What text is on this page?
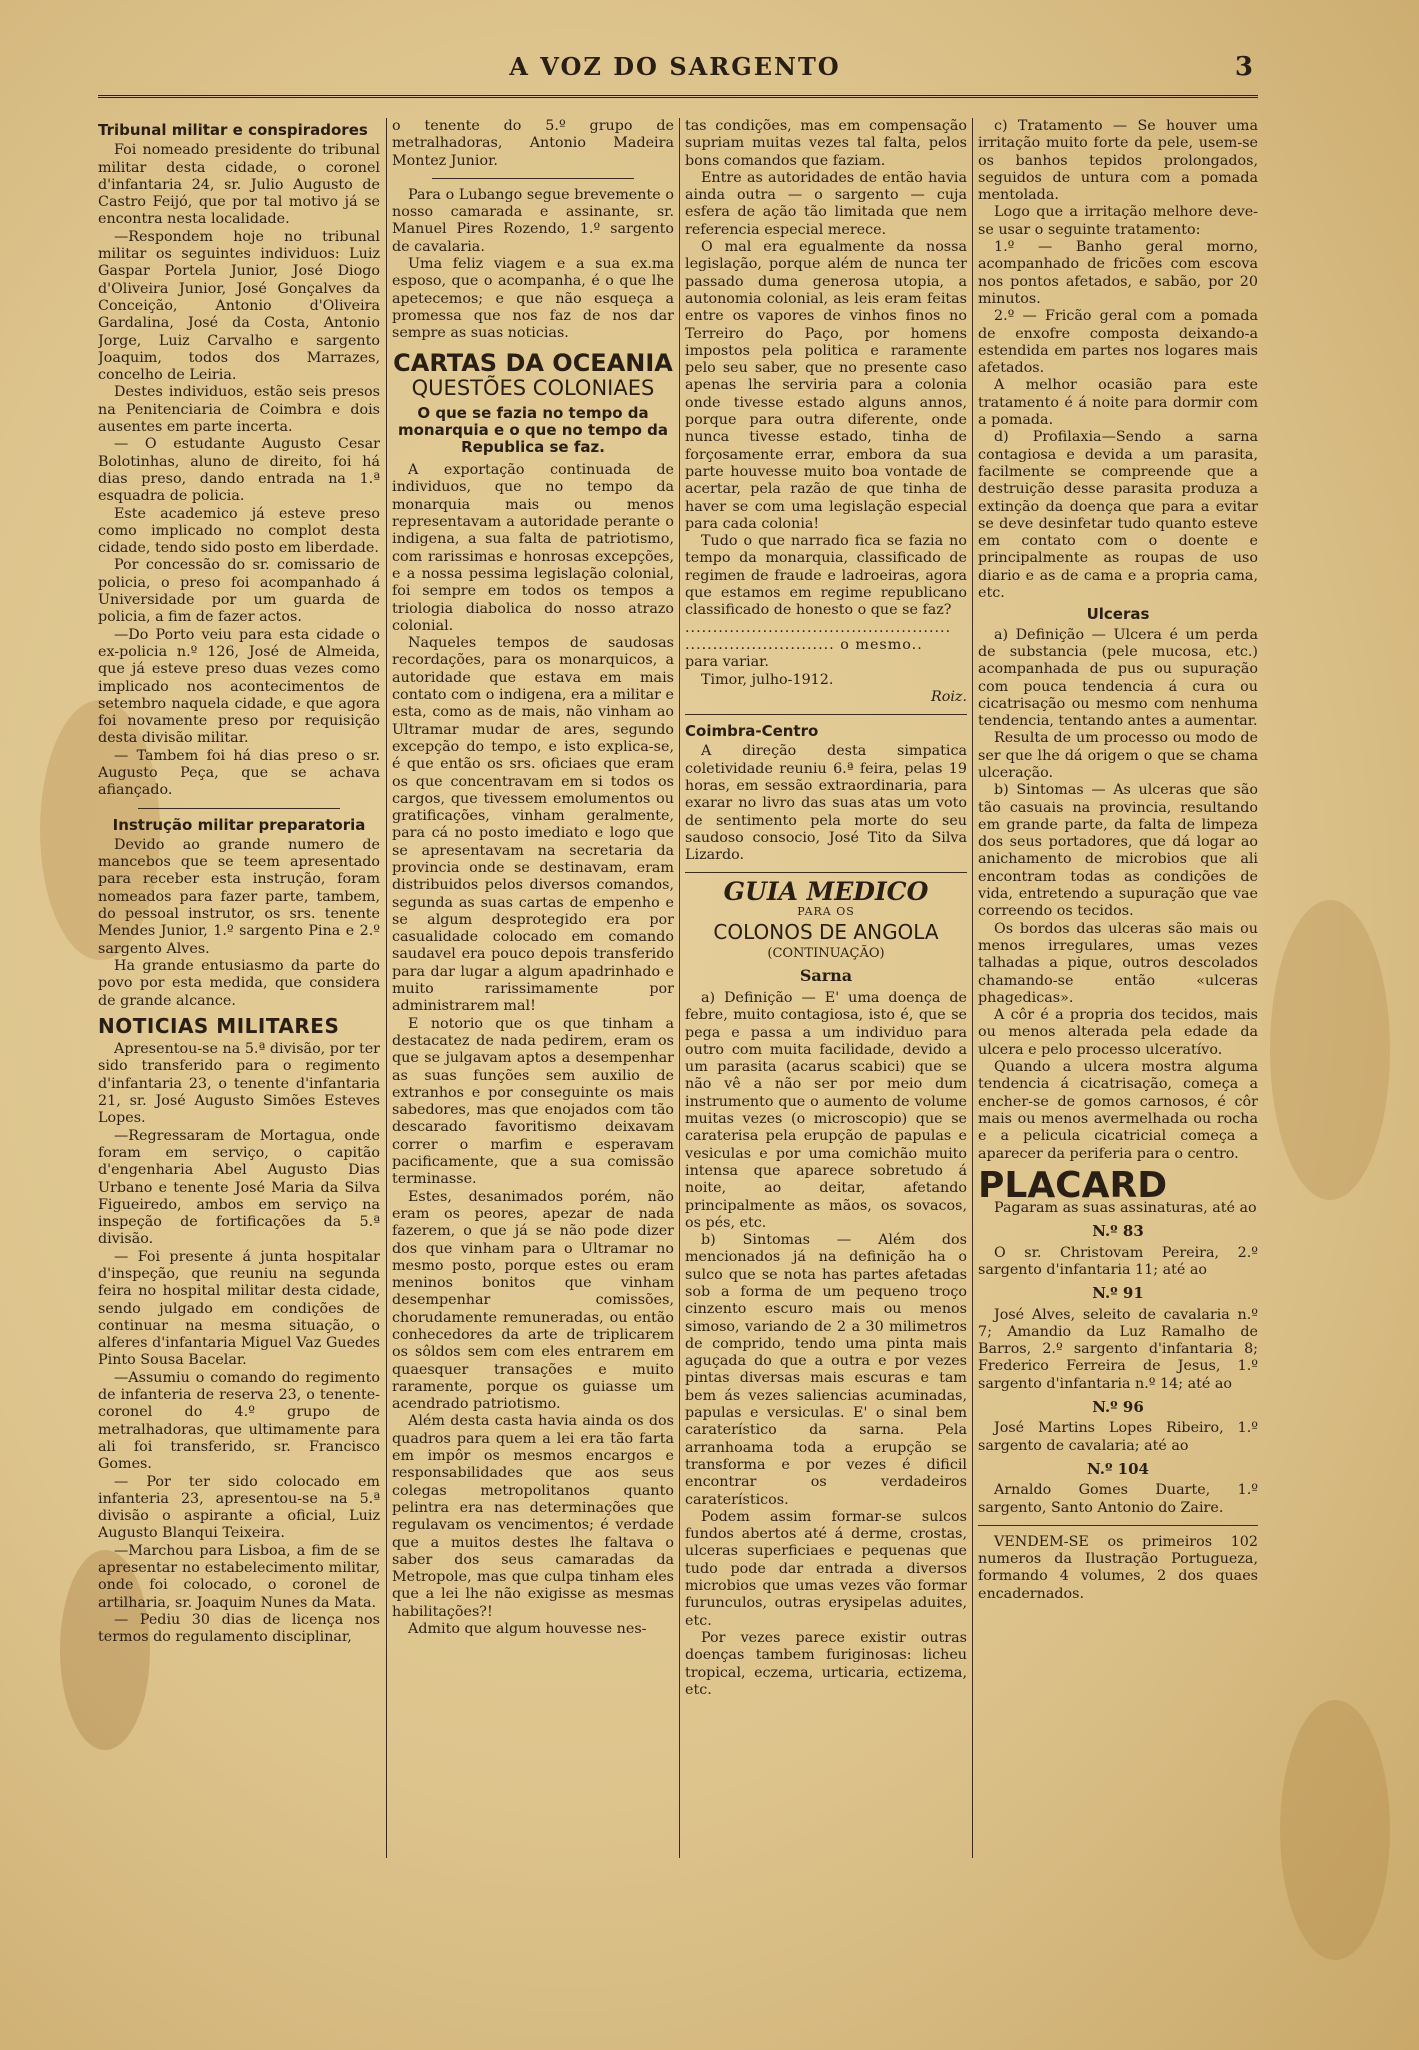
A VOZ DO SARGENTO	3
Tribunal militar e conspiradores

Foi nomeado presidente do tribunal militar desta cidade, o coronel d'infantaria 24, sr. Julio Augusto de Castro Feijó, que por tal motivo já se encontra nesta localidade.

—Respondem hoje no tribunal militar os seguintes individuos: Luiz Gaspar Portela Junior, José Diogo d'Oliveira Junior, José Gonçalves da Conceição, Antonio d'Oliveira Gardalina, José da Costa, Antonio Jorge, Luiz Carvalho e sargento Joaquim, todos dos Marrazes, concelho de Leiria.

Destes individuos, estão seis presos na Penitenciaria de Coimbra e dois ausentes em parte incerta.

— O estudante Augusto Cesar Bolotinhas, aluno de direito, foi há dias preso, dando entrada na 1.ª esquadra de policia.

Este academico já esteve preso como implicado no complot desta cidade, tendo sido posto em liberdade.

Por concessão do sr. comissario de policia, o preso foi acompanhado á Universidade por um guarda de policia, a fim de fazer actos.

—Do Porto veiu para esta cidade o ex-policia n.º 126, José de Almeida, que já esteve preso duas vezes como implicado nos acontecimentos de setembro naquela cidade, e que agora foi novamente preso por requisição desta divisão militar.

— Tambem foi há dias preso o sr. Augusto Peça, que se achava afiançado.

Instrução militar preparatoria

Devido ao grande numero de mancebos que se teem apresentado para receber esta instrução, foram nomeados para fazer parte, tambem, do pessoal instrutor, os srs. tenente Mendes Junior, 1.º sargento Pina e 2.º sargento Alves.

Ha grande entusiasmo da parte do povo por esta medida, que considera de grande alcance.

NOTICIAS MILITARES

Apresentou-se na 5.ª divisão, por ter sido transferido para o regimento d'infantaria 23, o tenente d'infantaria 21, sr. José Augusto Simões Esteves Lopes.

—Regressaram de Mortagua, onde foram em serviço, o capitão d'engenharia Abel Augusto Dias Urbano e tenente José Maria da Silva Figueiredo, ambos em serviço na inspeção de fortificações da 5.ª divisão.

— Foi presente á junta hospitalar d'inspeção, que reuniu na segunda feira no hospital militar desta cidade, sendo julgado em condições de continuar na mesma situação, o alferes d'infantaria Miguel Vaz Guedes Pinto Sousa Bacelar.

—Assumiu o comando do regimento de infanteria de reserva 23, o tenente-coronel do 4.º grupo de metralhadoras, que ultimamente para ali foi transferido, sr. Francisco Gomes.

— Por ter sido colocado em infanteria 23, apresentou-se na 5.ª divisão o aspirante a oficial, Luiz Augusto Blanqui Teixeira.

—Marchou para Lisboa, a fim de se apresentar no estabelecimento militar, onde foi colocado, o coronel de artilharia, sr. Joaquim Nunes da Mata.

— Pediu 30 dias de licença nos termos do regulamento disciplinar,

o tenente do 5.º grupo de metralhadoras, Antonio Madeira Montez Junior.

Para o Lubango segue brevemente o nosso camarada e assinante, sr. Manuel Pires Rozendo, 1.º sargento de cavalaria.

Uma feliz viagem e a sua ex.ma esposo, que o acompanha, é o que lhe apetecemos; e que não esqueça a promessa que nos faz de nos dar sempre as suas noticias.

CARTAS DA OCEANIA
QUESTÕES COLONIAES
O que se fazia no tempo da monarquia e o que no tempo da Republica se faz.

A exportação continuada de individuos, que no tempo da monarquia mais ou menos representavam a autoridade perante o indigena, a sua falta de patriotismo, com rarissimas e honrosas excepções, e a nossa pessima legislação colonial, foi sempre em todos os tempos a triologia diabolica do nosso atrazo colonial.

Naqueles tempos de saudosas recordações, para os monarquicos, a autoridade que estava em mais contato com o indigena, era a militar e esta, como as de mais, não vinham ao Ultramar mudar de ares, segundo excepção do tempo, e isto explica-se, é que então os srs. oficiaes que eram os que concentravam em si todos os cargos, que tivessem emolumentos ou gratificações, vinham geralmente, para cá no posto imediato e logo que se apresentavam na secretaria da provincia onde se destinavam, eram distribuidos pelos diversos comandos, segunda as suas cartas de empenho e se algum desprotegido era por casualidade colocado em comando saudavel era pouco depois transferido para dar lugar a algum apadrinhado e muito rarissimamente por administrarem mal!

E notorio que os que tinham a destacatez de nada pedirem, eram os que se julgavam aptos a desempenhar as suas funções sem auxilio de extranhos e por conseguinte os mais sabedores, mas que enojados com tão descarado favoritismo deixavam correr o marfim e esperavam pacificamente, que a sua comissão terminasse.

Estes, desanimados porém, não eram os peores, apezar de nada fazerem, o que já se não pode dizer dos que vinham para o Ultramar no mesmo posto, porque estes ou eram meninos bonitos que vinham desempenhar comissões, chorudamente remuneradas, ou então conhecedores da arte de triplicarem os sôldos sem com eles entrarem em quaesquer transações e muito raramente, porque os guiasse um acendrado patriotismo.

Além desta casta havia ainda os dos quadros para quem a lei era tão farta em impôr os mesmos encargos e responsabilidades que aos seus colegas metropolitanos quanto pelintra era nas determinações que regulavam os vencimentos; é verdade que a muitos destes lhe faltava o saber dos seus camaradas da Metropole, mas que culpa tinham eles que a lei lhe não exigisse as mesmas habilitações?!

Admito que algum houvesse nes-

tas condições, mas em compensação supriam muitas vezes tal falta, pelos bons comandos que faziam.

Entre as autoridades de então havia ainda outra — o sargento — cuja esfera de ação tão limitada que nem referencia especial merece.

O mal era egualmente da nossa legislação, porque além de nunca ter passado duma generosa utopia, a autonomia colonial, as leis eram feitas entre os vapores de vinhos finos no Terreiro do Paço, por homens impostos pela politica e raramente pelo seu saber, que no presente caso apenas lhe serviria para a colonia onde tivesse estado alguns annos, porque para outra diferente, onde nunca tivesse estado, tinha de forçosamente errar, embora da sua parte houvesse muito boa vontade de acertar, pela razão de que tinha de haver se com uma legislação especial para cada colonia!

Tudo o que narrado fica se fazia no tempo da monarquia, classificado de regimen de fraude e ladroeiras, agora que estamos em regime republicano classificado de honesto o que se faz?

................................................

........................... o mesmo..

para variar.

Timor, julho-1912.

Roiz.

Coimbra-Centro

A direção desta simpatica coletividade reuniu 6.ª feira, pelas 19 horas, em sessão extraordinaria, para exarar no livro das suas atas um voto de sentimento pela morte do seu saudoso consocio, José Tito da Silva Lizardo.

GUIA MEDICO
PARA OS
COLONOS DE ANGOLA
(CONTINUAÇÃO)
Sarna

a) Definição — E' uma doença de febre, muito contagiosa, isto é, que se pega e passa a um individuo para outro com muita facilidade, devido a um parasita (acarus scabici) que se não vê a não ser por meio dum instrumento que o aumento de volume muitas vezes (o microscopio) que se caraterisa pela erupção de papulas e vesiculas e por uma comichão muito intensa que aparece sobretudo á noite, ao deitar, afetando principalmente as mãos, os sovacos, os pés, etc.

b) Sintomas — Além dos mencionados já na definição ha o sulco que se nota has partes afetadas sob a forma de um pequeno troço cinzento escuro mais ou menos simoso, variando de 2 a 30 milimetros de comprido, tendo uma pinta mais aguçada do que a outra e por vezes pintas diversas mais escuras e tam bem ás vezes saliencias acuminadas, papulas e versiculas. E' o sinal bem caraterístico da sarna. Pela arranhoama toda a erupção se transforma e por vezes é dificil encontrar os verdadeiros caraterísticos.

Podem assim formar-se sulcos fundos abertos até á derme, crostas, ulceras superficiaes e pequenas que tudo pode dar entrada a diversos microbios que umas vezes vão formar furunculos, outras erysipelas aduites, etc.

Por vezes parece existir outras doenças tambem furiginosas: licheu tropical, eczema, urticaria, ectizema, etc.

c) Tratamento — Se houver uma irritação muito forte da pele, usem-se os banhos tepidos prolongados, seguidos de untura com a pomada mentolada.

Logo que a irritação melhore deve-se usar o seguinte tratamento:

1.º — Banho geral morno, acompanhado de fricões com escova nos pontos afetados, e sabão, por 20 minutos.

2.º — Fricão geral com a pomada de enxofre composta deixando-a estendida em partes nos logares mais afetados.

A melhor ocasião para este tratamento é á noite para dormir com a pomada.

d) Profilaxia—Sendo a sarna contagiosa e devida a um parasita, facilmente se compreende que a destruição desse parasita produza a extinção da doença que para a evitar se deve desinfetar tudo quanto esteve em contato com o doente e principalmente as roupas de uso diario e as de cama e a propria cama, etc.

Ulceras

a) Definição — Ulcera é um perda de substancia (pele mucosa, etc.) acompanhada de pus ou supuração com pouca tendencia á cura ou cicatrisação ou mesmo com nenhuma tendencia, tentando antes a aumentar.

Resulta de um processo ou modo de ser que lhe dá origem o que se chama ulceração.

b) Sintomas — As ulceras que são tão casuais na provincia, resultando em grande parte, da falta de limpeza dos seus portadores, que dá logar ao anichamento de microbios que ali encontram todas as condições de vida, entretendo a supuração que vae correendo os tecidos.

Os bordos das ulceras são mais ou menos irregulares, umas vezes talhadas a pique, outros descolados chamando-se então «ulceras phagedicas».

A côr é a propria dos tecidos, mais ou menos alterada pela edade da ulcera e pelo processo ulceratívo.

Quando a ulcera mostra alguma tendencia á cicatrisação, começa a encher-se de gomos carnosos, é côr mais ou menos avermelhada ou rocha e a pelicula cicatricial começa a aparecer da periferia para o centro.

PLACARD

Pagaram as suas assinaturas, até ao

N.º 83

O sr. Christovam Pereira, 2.º sargento d'infantaria 11; até ao

N.º 91

José Alves, seleito de cavalaria n.º 7; Amandio da Luz Ramalho de Barros, 2.º sargento d'infantaria 8; Frederico Ferreira de Jesus, 1.º sargento d'infantaria n.º 14; até ao

N.º 96

José Martins Lopes Ribeiro, 1.º sargento de cavalaria; até ao

N.º 104

Arnaldo Gomes Duarte, 1.º sargento, Santo Antonio do Zaire.

VENDEM-SE os primeiros 102 numeros da Ilustração Portugueza, formando 4 volumes, 2 dos quaes encadernados.
